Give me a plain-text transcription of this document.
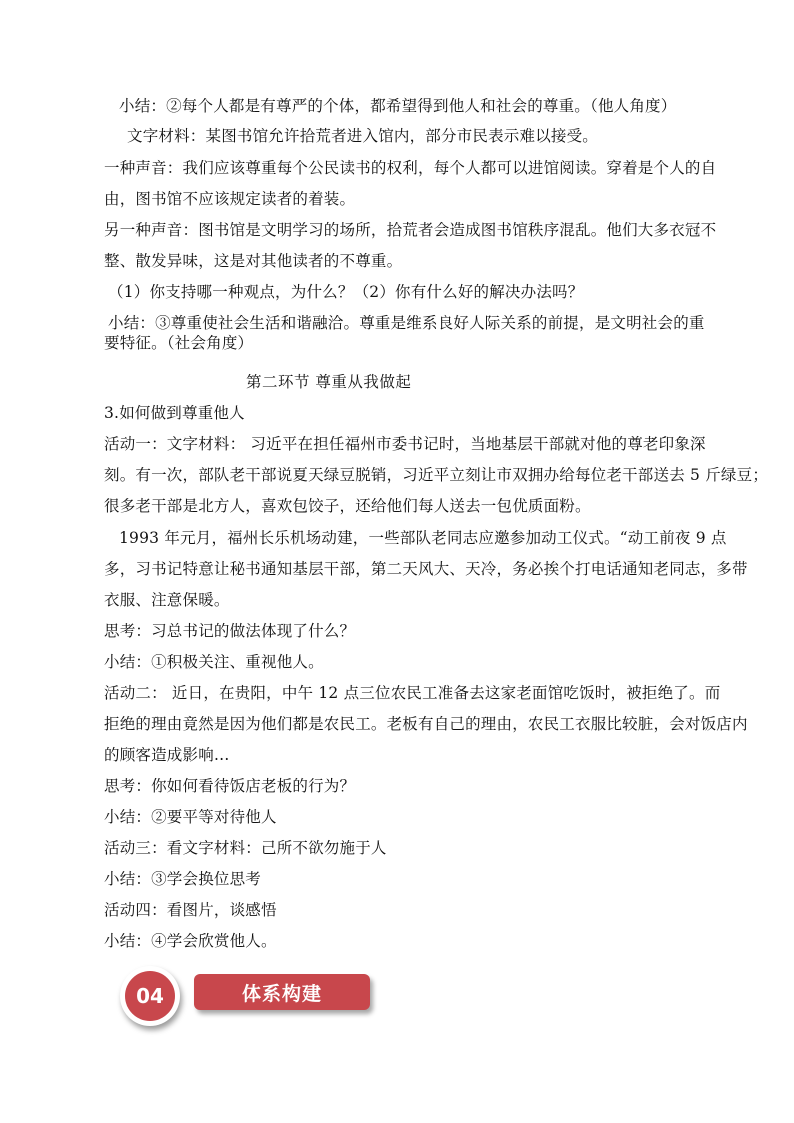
小结：②每个人都是有尊严的个体，都希望得到他人和社会的尊重。（他人角度）
文字材料：某图书馆允许拾荒者进入馆内，部分市民表示难以接受。
一种声音：我们应该尊重每个公民读书的权利，每个人都可以进馆阅读。穿着是个人的自
由，图书馆不应该规定读者的着装。
另一种声音：图书馆是文明学习的场所，拾荒者会造成图书馆秩序混乱。他们大多衣冠不
整、散发异味，这是对其他读者的不尊重。
（1）你支持哪一种观点，为什么？（2）你有什么好的解决办法吗？
小结：③尊重使社会生活和谐融洽。尊重是维系良好人际关系的前提，是文明社会的重
要特征。（社会角度）
第二环节 尊重从我做起
3.如何做到尊重他人
活动一：文字材料： 习近平在担任福州市委书记时，当地基层干部就对他的尊老印象深
刻。有一次，部队老干部说夏天绿豆脱销，习近平立刻让市双拥办给每位老干部送去 5 斤绿豆；
很多老干部是北方人，喜欢包饺子，还给他们每人送去一包优质面粉。
1993 年元月，福州长乐机场动建，一些部队老同志应邀参加动工仪式。“动工前夜 9 点
多，习书记特意让秘书通知基层干部，第二天风大、天冷，务必挨个打电话通知老同志，多带
衣服、注意保暖。
思考：习总书记的做法体现了什么？
小结：①积极关注、重视他人。
活动二： 近日，在贵阳，中午 12 点三位农民工准备去这家老面馆吃饭时，被拒绝了。而
拒绝的理由竟然是因为他们都是农民工。老板有自己的理由，农民工衣服比较脏，会对饭店内
的顾客造成影响…
思考：你如何看待饭店老板的行为？
小结：②要平等对待他人
活动三：看文字材料：己所不欲勿施于人
小结：③学会换位思考
活动四：看图片，谈感悟
小结：④学会欣赏他人。
体系构建
04
